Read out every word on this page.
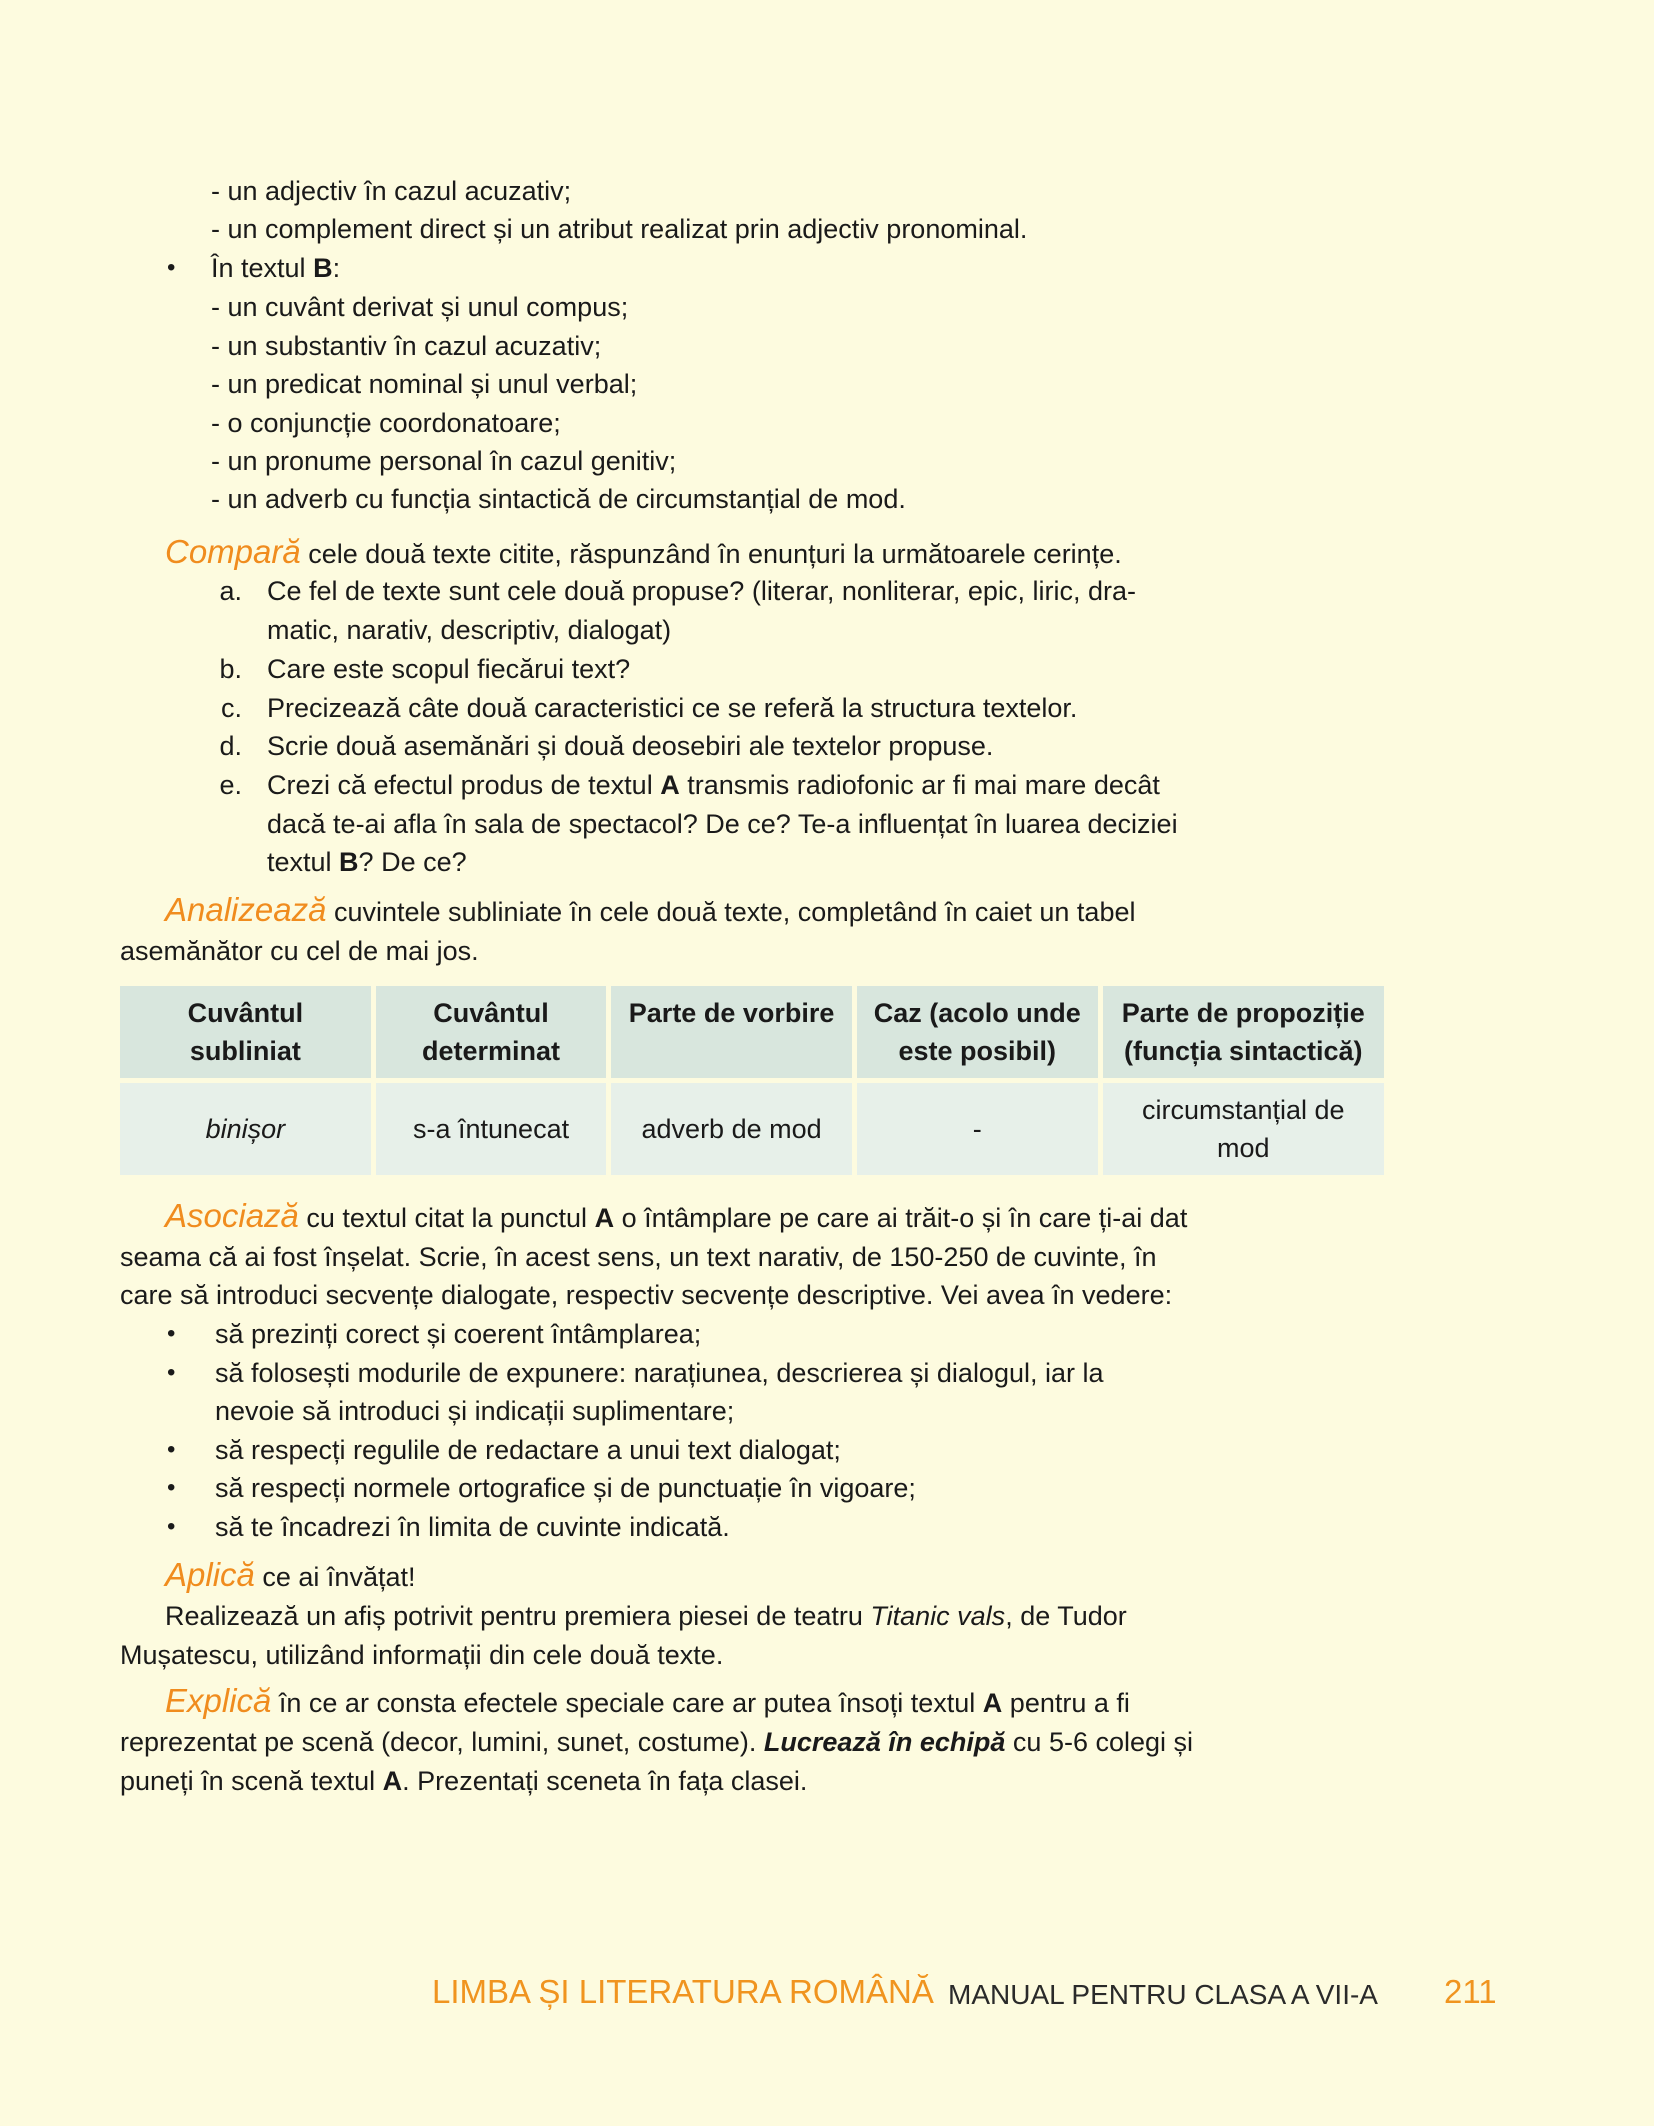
- un adjectiv în cazul acuzativ;
- un complement direct și un atribut realizat prin adjectiv pronominal.
• În textul B:
- un cuvânt derivat și unul compus;
- un substantiv în cazul acuzativ;
- un predicat nominal și unul verbal;
- o conjuncție coordonatoare;
- un pronume personal în cazul genitiv;
- un adverb cu funcția sintactică de circumstanțial de mod.
Compară cele două texte citite, răspunzând în enunțuri la următoarele cerințe.
a. Ce fel de texte sunt cele două propuse? (literar, nonliterar, epic, liric, dra-
matic, narativ, descriptiv, dialogat)
b. Care este scopul fiecărui text?
c. Precizează câte două caracteristici ce se referă la structura textelor.
d. Scrie două asemănări și două deosebiri ale textelor propuse.
e. Crezi că efectul produs de textul A transmis radiofonic ar fi mai mare decât
dacă te-ai afla în sala de spectacol? De ce? Te-a influențat în luarea deciziei
textul B? De ce?
Analizează cuvintele subliniate în cele două texte, completând în caiet un tabel
asemănător cu cel de mai jos.
Cuvântul
subliniat	Cuvântul
determinat	Parte de vorbire	Caz (acolo unde
este posibil)	Parte de propoziție
(funcția sintactică)
binișor	s-a întunecat	adverb de mod	-	circumstanțial de
mod
Asociază cu textul citat la punctul A o întâmplare pe care ai trăit-o și în care ți-ai dat
seama că ai fost înșelat. Scrie, în acest sens, un text narativ, de 150-250 de cuvinte, în
care să introduci secvențe dialogate, respectiv secvențe descriptive. Vei avea în vedere:
• să prezinți corect și coerent întâmplarea;
• să folosești modurile de expunere: narațiunea, descrierea și dialogul, iar la
nevoie să introduci și indicații suplimentare;
• să respecți regulile de redactare a unui text dialogat;
• să respecți normele ortografice și de punctuație în vigoare;
• să te încadrezi în limita de cuvinte indicată.
Aplică ce ai învățat!
Realizează un afiș potrivit pentru premiera piesei de teatru Titanic vals, de Tudor
Mușatescu, utilizând informații din cele două texte.
Explică în ce ar consta efectele speciale care ar putea însoți textul A pentru a fi
reprezentat pe scenă (decor, lumini, sunet, costume). Lucrează în echipă cu 5-6 colegi și
puneți în scenă textul A. Prezentați sceneta în fața clasei.
LIMBA ȘI LITERATURA ROMÂNĂ MANUAL PENTRU CLASA A VII-A 211
